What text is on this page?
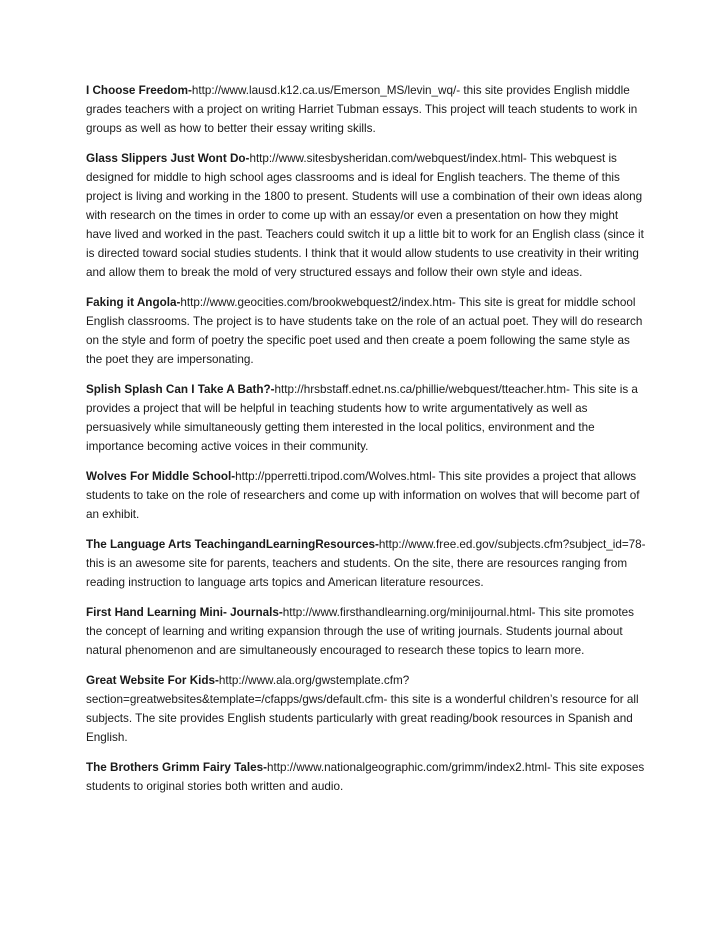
I Choose Freedom-http://www.lausd.k12.ca.us/Emerson_MS/levin_wq/- this site provides English middle grades teachers with a project on writing Harriet Tubman essays. This project will teach students to work in groups as well as how to better their essay writing skills.

Glass Slippers Just Wont Do-http://www.sitesbysheridan.com/webquest/index.html- This webquest is designed for middle to high school ages classrooms and is ideal for English teachers. The theme of this project is living and working in the 1800 to present. Students will use a combination of their own ideas along with research on the times in order to come up with an essay/or even a presentation on how they might have lived and worked in the past. Teachers could switch it up a little bit to work for an English class (since it is directed toward social studies students. I think that it would allow students to use creativity in their writing and allow them to break the mold of very structured essays and follow their own style and ideas.

Faking it Angola-http://www.geocities.com/brookwebquest2/index.htm- This site is great for middle school English classrooms. The project is to have students take on the role of an actual poet. They will do research on the style and form of poetry the specific poet used and then create a poem following the same style as the poet they are impersonating.

Splish Splash Can I Take A Bath?-http://hrsbstaff.ednet.ns.ca/phillie/webquest/tteacher.htm- This site is a provides a project that will be helpful in teaching students how to write argumentatively as well as persuasively while simultaneously getting them interested in the local politics, environment and the importance becoming active voices in their community.

Wolves For Middle School-http://pperretti.tripod.com/Wolves.html- This site provides a project that allows students to take on the role of researchers and come up with information on wolves that will become part of an exhibit.

The Language Arts TeachingandLearningResources-http://www.free.ed.gov/subjects.cfm?subject_id=78- this is an awesome site for parents, teachers and students. On the site, there are resources ranging from reading instruction to language arts topics and American literature resources.

First Hand Learning Mini- Journals-http://www.firsthandlearning.org/minijournal.html- This site promotes the concept of learning and writing expansion through the use of writing journals. Students journal about natural phenomenon and are simultaneously encouraged to research these topics to learn more.

Great Website For Kids-http://www.ala.org/gwstemplate.cfm?section=greatwebsites&template=/cfapps/gws/default.cfm- this site is a wonderful children’s resource for all subjects. The site provides English students particularly with great reading/book resources in Spanish and English.

The Brothers Grimm Fairy Tales-http://www.nationalgeographic.com/grimm/index2.html- This site exposes students to original stories both written and audio.
